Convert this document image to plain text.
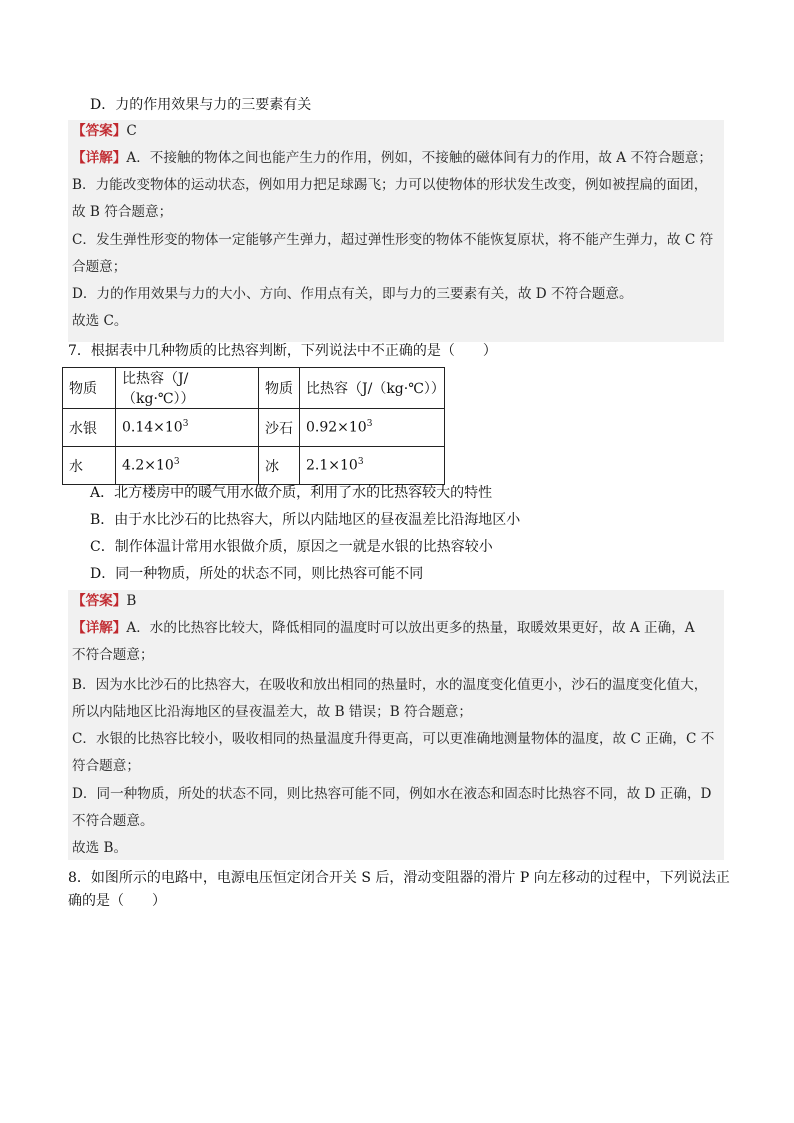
D．力的作用效果与力的三要素有关
【答案】C
【详解】A．不接触的物体之间也能产生力的作用，例如，不接触的磁体间有力的作用，故 A 不符合题意；
B．力能改变物体的运动状态，例如用力把足球踢飞；力可以使物体的形状发生改变，例如被捏扁的面团，
故 B 符合题意；
C．发生弹性形变的物体一定能够产生弹力，超过弹性形变的物体不能恢复原状，将不能产生弹力，故 C 符
合题意；
D．力的作用效果与力的大小、方向、作用点有关，即与力的三要素有关，故 D 不符合题意。
故选 C。
7．根据表中几种物质的比热容判断，下列说法中不正确的是（　　）
物质	比热容（J/（kg·℃））	物质	比热容（J/（kg·℃））
水银	$0.14\times 10^3$	沙石	$0.92\times 10^3$
水	$4.2\times 10^3$	冰	$2.1\times 10^3$
A．北方楼房中的暖气用水做介质，利用了水的比热容较大的特性
B．由于水比沙石的比热容大，所以内陆地区的昼夜温差比沿海地区小
C．制作体温计常用水银做介质，原因之一就是水银的比热容较小
D．同一种物质，所处的状态不同，则比热容可能不同
【答案】B
【详解】A．水的比热容比较大，降低相同的温度时可以放出更多的热量，取暖效果更好，故 A 正确，A
不符合题意；
B．因为水比沙石的比热容大，在吸收和放出相同的热量时，水的温度变化值更小，沙石的温度变化值大，
所以内陆地区比沿海地区的昼夜温差大，故 B 错误；B 符合题意；
C．水银的比热容比较小，吸收相同的热量温度升得更高，可以更准确地测量物体的温度，故 C 正确，C 不
符合题意；
D．同一种物质，所处的状态不同，则比热容可能不同，例如水在液态和固态时比热容不同，故 D 正确，D
不符合题意。
故选 B。
8．如图所示的电路中，电源电压恒定闭合开关 S 后，滑动变阻器的滑片 P 向左移动的过程中，下列说法正
确的是（　　）
